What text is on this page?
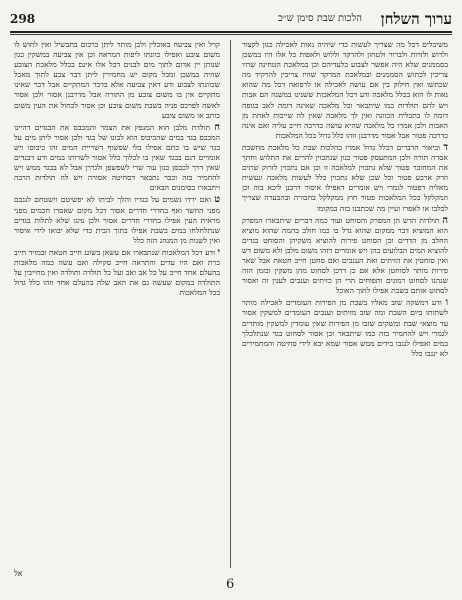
ערוך השלחן
הלכות שבת סימן ש״כ
298

משיבלים דכל מה שצריך לעשות כדי שיהיה נאות לאכילה כגון לקצור ולדוש ולזרות ולברור ולטחון ולהרקד וללוש ולאפות כל אלו היו במשכן בסממנים שלא היה אפשר לצבוע בלעדיהם וכן במלאכת הטחינה שהיו צריכין לכתוש הסממנים ובמלאכת המרקד שהיו צריכין להרקיד מה שכתשו ואין חילוק בין אם עושה לאכילה או לרפואה דכל מה שהוא נאות לו הוא בכלל מלאכה ודע דכל המלאכות ששנינו במשנה הם אבות ויש להם תולדות כמו שיתבאר וכל מלאכה שאינה דומה לאב בגופה דומה לו בתכלית הכוונה ואין לך מלאכה שאין לה שייכות לאחת מן האבות ולכן אמרו כל מלאכה שהיא עושה כדרכה חייב עליה ואם אינה כדרכה פטור אבל אסור מדרבנן וזהו כלל גדול בכל המלאכות

ד וביאור הדברים דכלל גדול אמרו בהלכות שבת כל מלאכת מחשבת אסרה תורה ולכן המתעסק פטור כגון שנתכוין להרים את התלוש וחתך את המחובר פטור שלא נתכוין למלאכה זו וכן אם נתכוין לזרוק שתים וזרק ארבע פטור וכל שכן שלא נתכוין כלל לעשות מלאכה ונעשית מאליה דפטור לגמרי ויש אומרים דאפילו איסור דרבנן ליכא בזה וכן המקלקל בכל המלאכות פטור חוץ ממקלקל בחבורה ובהבערה שצריך לכלבו או לאפרו ועיין מה שכתבנו בזה במקומו

ה תולדות הדש הן המפרק והסוחט ועוד כמה דברים שיתבארו המפרק הוא המוציא דבר ממקום שהוא גדל בו כמו חולב בהמה שהוא מוציא החלב מן הדדים וכן הסוחט פירות להוציא משקיהן והסוחט בגדים להוציא המים הבלועים בהן ויש אומרים דזהו משום מלבן ולא משום דש ואין סוחטין את הזיתים ואת הענבים ואם סחטן חייב חטאת אבל שאר פירות מותר לסוחטן אלא אם כן דרכן לסחוט מהן משקין ובזמן הזה שנהגו לסחוט רמונים ותפוחים הרי הן כזיתים וענבים לענין זה ואסור לסחוט אותם בשבת אפילו לתוך האוכל

ו ודע דמשקה שזב מאליו בשבת מן הפירות העומדים לאכילה מותר לשתותו ביום השבת ומה שזב מזיתים וענבים העומדים למשקין אסור עד מוצאי שבת ומשקים שזבו מן הפירות שאין עומדין למשקין מותרים לגמרי ויש להחמיר בזה כמו שיתבאר וכן אסור לסחוט בגד שנתלכלך במים ואפילו לנגבו בידים ממש אסור שמא יבא לידי סחיטה והמחמירים לא ינגבו כלל

קויל ואין צביעה באוכלין ולכן מותר ליתן כרכום בתבשיל ואין לחוש לו משום צובע ואפילו כוונתו ליפות המראה וכן אין צביעה במשקין כגון שנותן יין אדום לתוך מים לבנים דכל אלו אינם בכלל מלאכת הצובע שהיה במשכן ומכל מקום יש מחמירין ליתן דבר צבע לתוך מאכל שכוונתו לצבוע ודע דאין צביעה אלא בדבר המתקיים אבל דבר שאינו מתקיים אין בו משום צובע מן התורה אבל מדרבנן אסור ולכן אסור לאשה לפרכס פניה בשבת משום צובע וכן אסור לכחול את העין משום כותב או משום צובע

ח תולדת מלבן הוא המנפץ את הצמר והמכבס את הבגדים דהיינו המכבס בגד במים שהכיבוס הוא לבונו של בגד ולכן אסור ליתן מים על בגד שיש בו כתם אפילו בלי שפשוף דשריית המים זהו כיבוסו ויש אומרים דגם בבגד שאין בו לכלוך כלל אסור לשרותו במים ודע דבגדים שאין דרך לכבסן כגון עור שרי לשפשפן ולגררן אבל לא בבגד ממש ויש להחמיר בזה וכבר נתבאר דסחיטה אסורה ויש לה תולדות הרבה ויתבארו בסימנים הבאים

ט ואם ירדו גשמים על בגדיו והלך לביתו לא יפשיטם וישטחם לנגבם מפני החשד ואף בחדרי חדרים אסור דכל מקום שאסרו חכמים מפני מראית העין אפילו בחדרי חדרים אסור ולכן נהגו שלא לתלות בגדים שנתלחלחו במים בשבת אפילו בתוך הבית כדי שלא יבואו לידי איסור ואין לשנות מן המנהג הזה כלל

י ודע דכל המלאכות שנתבארו אם עשאן בשוגג חייב חטאת ובמזיד חייב כרת ואם היו עדים והתראה חייב סקילה ואם עשה כמה מלאכות בהעלם אחד חייב על כל אב ואב ועל כל תולדה ותולדה ואין מחייבין על התולדה במקום שעשה גם את האב שלה בהעלם אחד וזהו כלל גדול בכל המלאכות

אל
6
